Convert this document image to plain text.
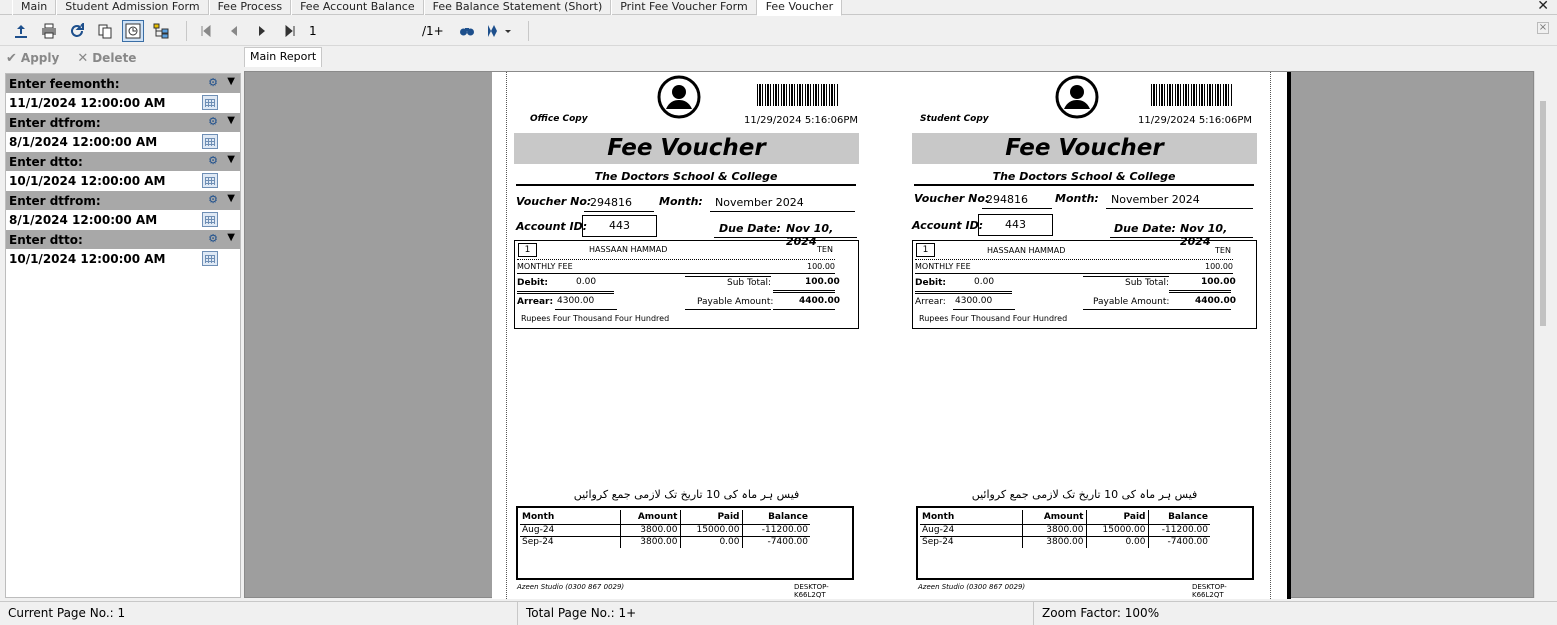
Main	Student Admission Form	Fee Process	Fee Account Balance	Fee Balance Statement (Short)	Print Fee Voucher Form	Fee Voucher	✕
1
/1+	×
✔ Apply ✕ Delete	Main Report
Enter feemonth:	⚙ ▼
11/1/2024 12:00:00 AM
Enter dtfrom:	⚙ ▼
8/1/2024 12:00:00 AM
Enter dtto:	⚙ ▼
10/1/2024 12:00:00 AM
Enter dtfrom:	⚙ ▼
8/1/2024 12:00:00 AM
Enter dtto:	⚙ ▼
10/1/2024 12:00:00 AM
Office Copy	11/29/2024 5:16:06PM
Fee Voucher
The Doctors School & College
Voucher No:
294816 Month: November 2024
Account ID:	443	Due Date: Nov 10, 2024
1	HASSAAN HAMMAD	TEN
MONTHLY FEE	100.00
Debit:	0.00	Sub Total:	100.00
Arrear: 4300.00	Payable Amount:	4400.00
Rupees Four Thousand Four Hundred
فیس ہر ماہ کی 10 تاریخ تک لازمی جمع کروائیں
Month	Amount	Paid	Balance
Aug-24	3800.00	15000.00	-11200.00
Sep-24	3800.00	0.00	-7400.00
Azeen Studio (0300 867 0029)	DESKTOP-K66L2QT
Student Copy	11/29/2024 5:16:06PM
Fee Voucher
The Doctors School & College
Voucher No:
294816 Month: November 2024
Account ID:	443	Due Date: Nov 10, 2024
1	HASSAAN HAMMAD	TEN
MONTHLY FEE	100.00
Debit:	0.00	Sub Total:	100.00
Arrear: 4300.00	Payable Amount:	4400.00
Rupees Four Thousand Four Hundred
فیس ہر ماہ کی 10 تاریخ تک لازمی جمع کروائیں
Month	Amount	Paid	Balance
Aug-24	3800.00	15000.00	-11200.00
Sep-24	3800.00	0.00	-7400.00
Azeen Studio (0300 867 0029)	DESKTOP-K66L2QT
Current Page No.: 1	Total Page No.: 1+	Zoom Factor: 100%
